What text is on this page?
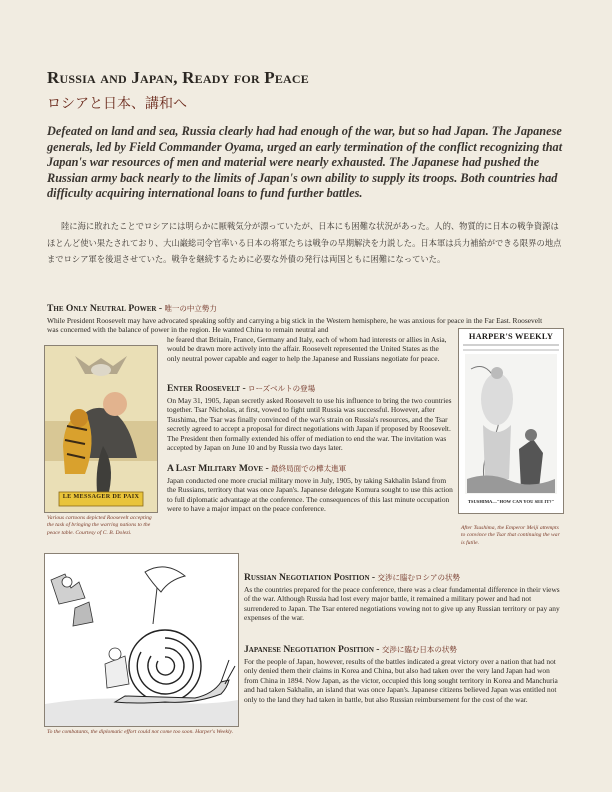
Russia and Japan, Ready for Peace
ロシアと日本、講和へ
Defeated on land and sea, Russia clearly had had enough of the war, but so had Japan. The Japanese generals, led by Field Commander Oyama, urged an early termination of the conflict recognizing that Japan's war resources of men and material were nearly exhausted. The Japanese had pushed the Russian army back nearly to the limits of Japan's own ability to supply its troops. Both countries had difficulty acquiring international loans to fund further battles.
陸に海に敗れたことでロシアには明らかに厭戦気分が漂っていたが、日本にも困難な状況があった。人的、物質的に日本の戦争資源はほとんど使い果たされており、大山巌総司令官率いる日本の将軍たちは戦争の早期解決を力説した。日本軍は兵力補給ができる限界の地点までロシア軍を後退させていた。戦争を継続するために必要な外債の発行は両国ともに困難になっていた。
The Only Neutral Power - 唯一の中立勢力
While President Roosevelt may have advocated speaking softly and carrying a big stick in the Western hemisphere, he was anxious for peace in the Far East. Roosevelt was concerned with the balance of power in the region. He wanted China to remain neutral and
he feared that Britain, France, Germany and Italy, each of whom had interests or allies in Asia, would be drawn more actively into the affair. Roosevelt represented the United States as the only neutral power capable and eager to help the Japanese and Russians negotiate for peace.
Enter Roosevelt - ローズベルトの登場
On May 31, 1905, Japan secretly asked Roosevelt to use his influence to bring the two countries together. Tsar Nicholas, at first, vowed to fight until Russia was successful. However, after Tsushima, the Tsar was finally convinced of the war's strain on Russia's resources, and the Tsar secretly agreed to accept a proposal for direct negotiations with Japan if proposed by Roosevelt. The President then formally extended his offer of mediation to end the war. The invitation was accepted by Japan on June 10 and by Russia two days later.
A Last Military Move - 最終局面での樺太進軍
Japan conducted one more crucial military move in July, 1905, by taking Sakhalin Island from the Russians, territory that was once Japan's. Japanese delegate Komura sought to use this action to full diplomatic advantage at the conference. The consequences of this last minute occupation were to have a major impact on the peace conference.
LE MESSAGER DE PAIX
Various cartoons depicted Roosevelt accepting the task of bringing the warring nations to the peace table. Courtesy of C. B. Dolezi.
HARPER'S WEEKLY
TSUSHIMA—"HOW CAN YOU SEE IT?"
After Tsushima, the Emperor Meiji attempts to convince the Tsar that continuing the war is futile.
To the combatants, the diplomatic effort could not come too soon. Harper's Weekly.
Russian Negotiation Position - 交渉に臨むロシアの状勢
As the countries prepared for the peace conference, there was a clear fundamental difference in their views of the war. Although Russia had lost every major battle, it remained a military power and had not surrendered to Japan. The Tsar entered negotiations vowing not to give up any Russian territory or pay any expenses of the war.
Japanese Negotiation Position - 交渉に臨む日本の状勢
For the people of Japan, however, results of the battles indicated a great victory over a nation that had not only denied them their claims in Korea and China, but also had taken over the very land Japan had won from China in 1894. Now Japan, as the victor, occupied this long sought territory in Korea and Manchuria and had taken Sakhalin, an island that was once Japan's. Japanese citizens believed Japan was entitled not only to the land they had taken in battle, but also Russian reimbursement for the cost of the war.
